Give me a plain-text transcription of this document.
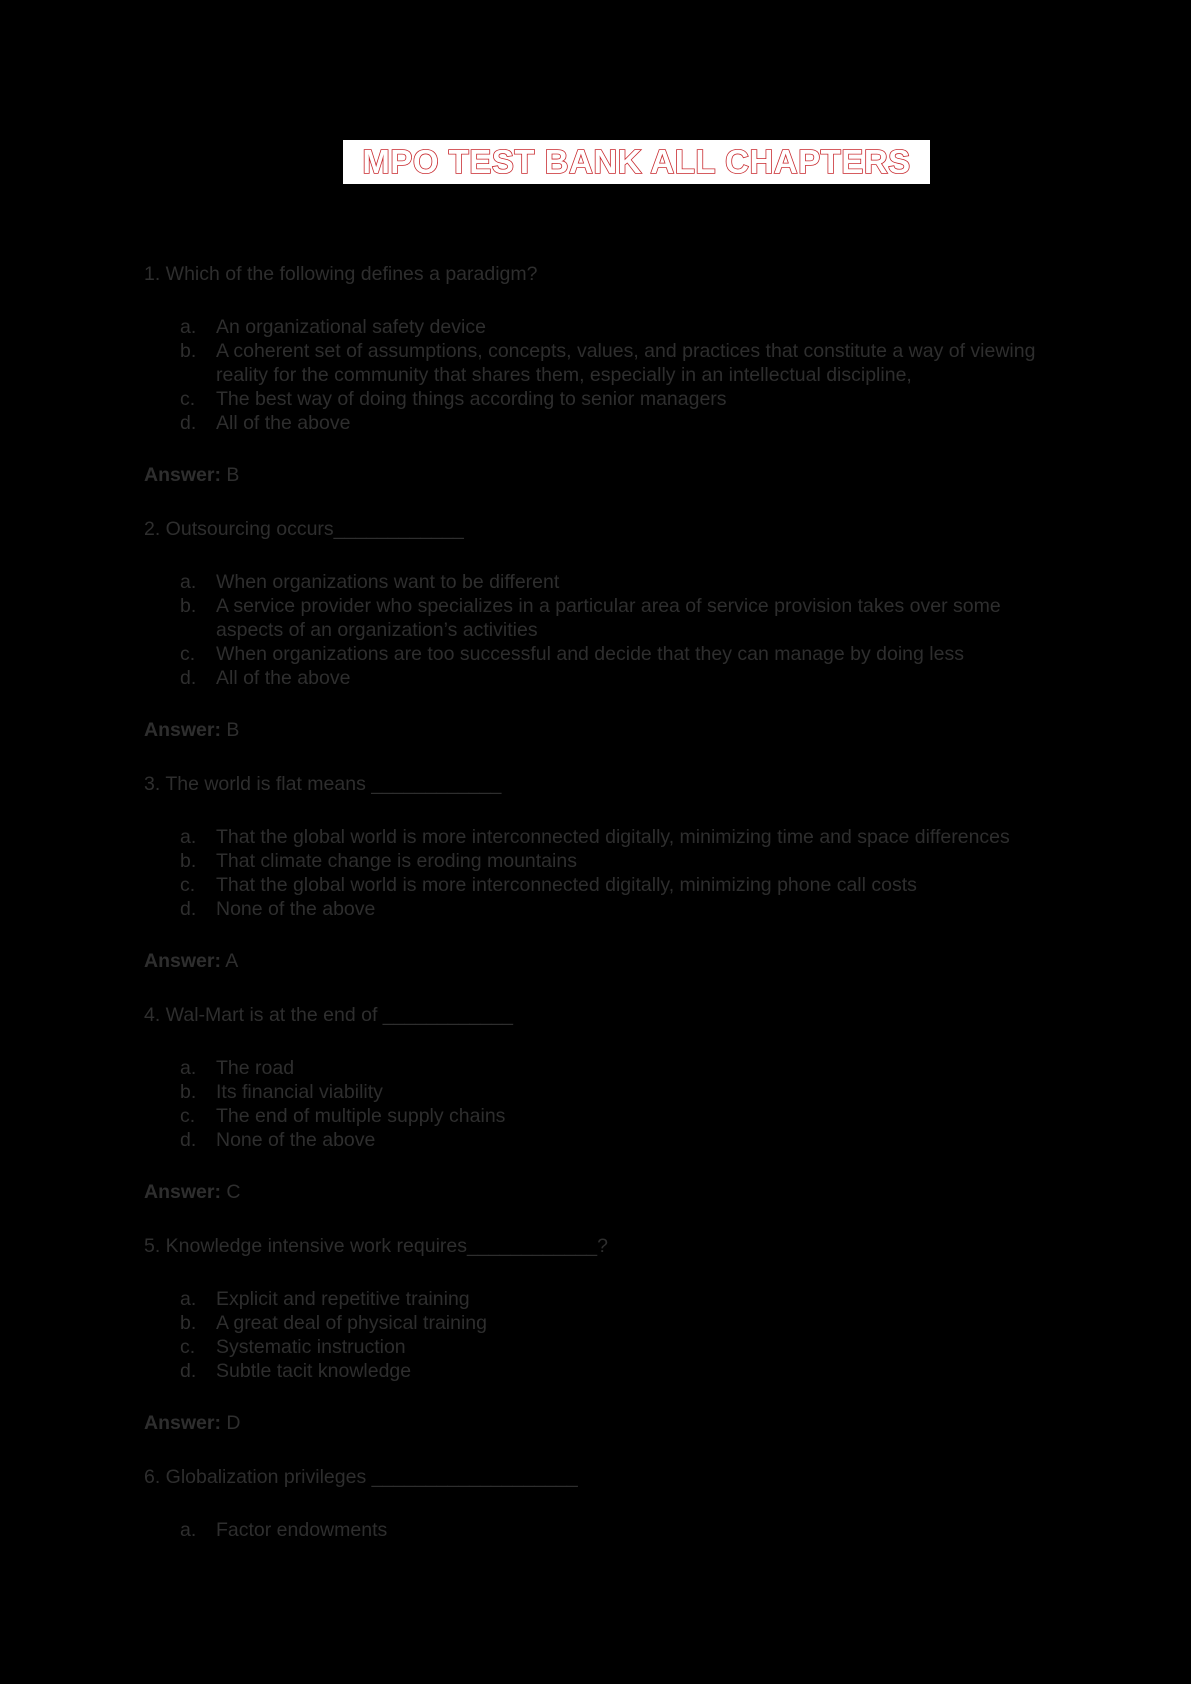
MPO TEST BANK ALL CHAPTERS
1. Which of the following defines a paradigm?
a. An organizational safety device
b. A coherent set of assumptions, concepts, values, and practices that constitute a way of viewing reality for the community that shares them, especially in an intellectual discipline,
c. The best way of doing things according to senior managers
d. All of the above
Answer: B
2. Outsourcing occurs____________
a. When organizations want to be different
b. A service provider who specializes in a particular area of service provision takes over some aspects of an organization’s activities
c. When organizations are too successful and decide that they can manage by doing less
d. All of the above
Answer: B
3. The world is flat means ____________
a. That the global world is more interconnected digitally, minimizing time and space differences
b. That climate change is eroding mountains
c. That the global world is more interconnected digitally, minimizing phone call costs
d. None of the above
Answer: A
4. Wal-Mart is at the end of ____________
a. The road
b. Its financial viability
c. The end of multiple supply chains
d. None of the above
Answer: C
5. Knowledge intensive work requires____________?
a. Explicit and repetitive training
b. A great deal of physical training
c. Systematic instruction
d. Subtle tacit knowledge
Answer: D
6. Globalization privileges ___________________
a. Factor endowments
